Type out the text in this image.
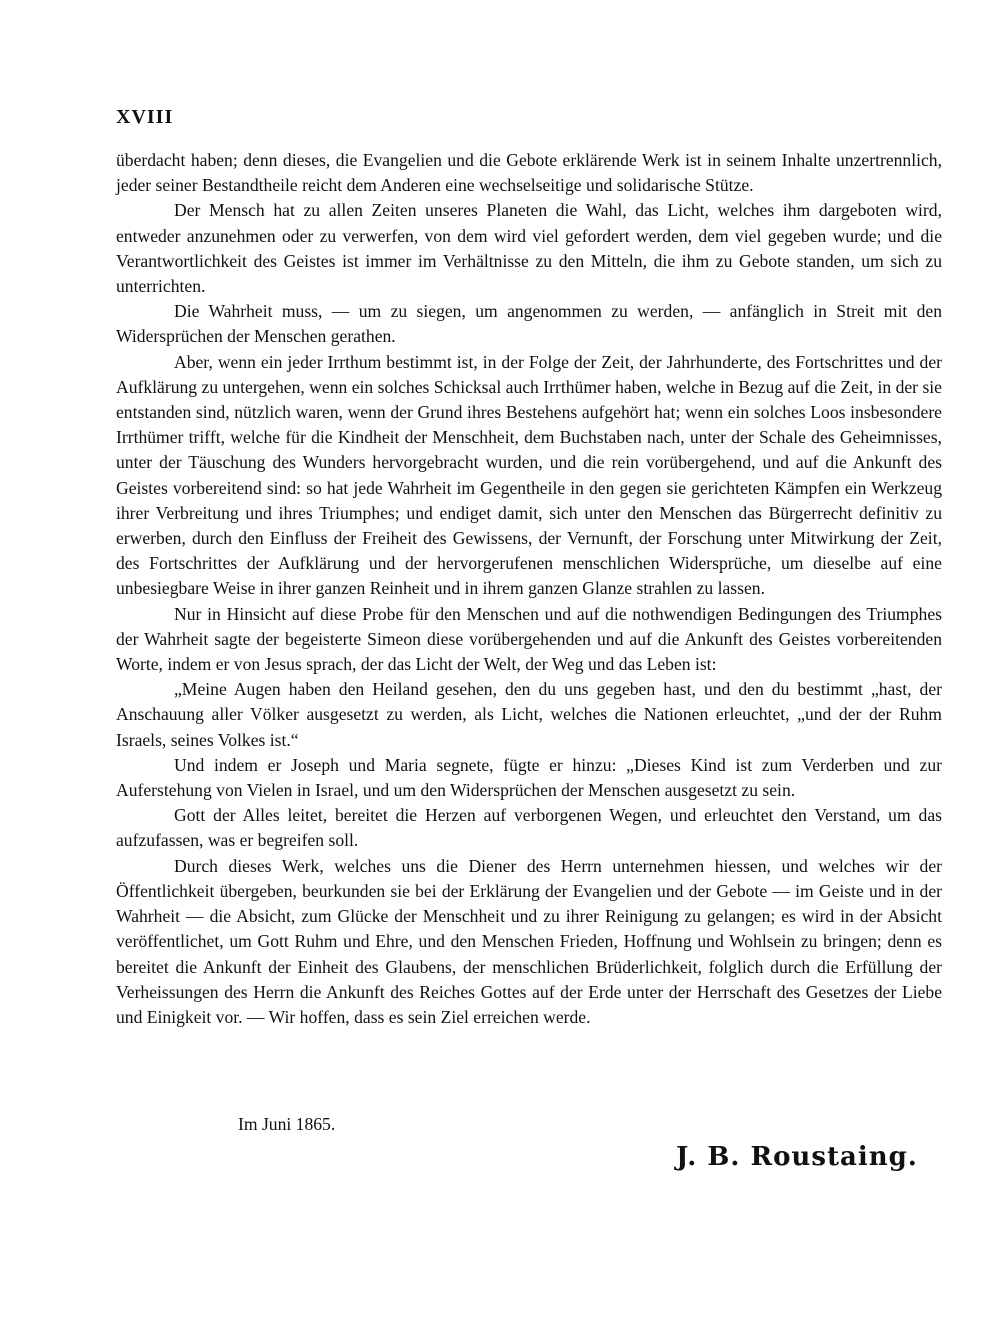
XVIII

überdacht haben; denn dieses, die Evangelien und die Gebote erklärende Werk ist in seinem Inhalte unzertrennlich, jeder seiner Bestandtheile reicht dem Anderen eine wechselseitige und solidarische Stütze.

Der Mensch hat zu allen Zeiten unseres Planeten die Wahl, das Licht, welches ihm dargeboten wird, entweder anzunehmen oder zu verwerfen, von dem wird viel gefordert werden, dem viel gegeben wurde; und die Verantwortlichkeit des Geistes ist immer im Verhältnisse zu den Mitteln, die ihm zu Gebote standen, um sich zu unterrichten.

Die Wahrheit muss, — um zu siegen, um angenommen zu werden, — anfänglich in Streit mit den Widersprüchen der Menschen gerathen.

Aber, wenn ein jeder Irrthum bestimmt ist, in der Folge der Zeit, der Jahrhunderte, des Fortschrittes und der Aufklärung zu untergehen, wenn ein solches Schicksal auch Irrthümer haben, welche in Bezug auf die Zeit, in der sie entstanden sind, nützlich waren, wenn der Grund ihres Bestehens aufgehört hat; wenn ein solches Loos insbesondere Irrthümer trifft, welche für die Kindheit der Menschheit, dem Buchstaben nach, unter der Schale des Geheimnisses, unter der Täuschung des Wunders hervorgebracht wurden, und die rein vorübergehend, und auf die Ankunft des Geistes vorbereitend sind: so hat jede Wahrheit im Gegentheile in den gegen sie gerichteten Kämpfen ein Werkzeug ihrer Verbreitung und ihres Triumphes; und endiget damit, sich unter den Menschen das Bürgerrecht definitiv zu erwerben, durch den Einfluss der Freiheit des Gewissens, der Vernunft, der Forschung unter Mitwirkung der Zeit, des Fortschrittes der Aufklärung und der hervorgerufenen menschlichen Widersprüche, um dieselbe auf eine unbesiegbare Weise in ihrer ganzen Reinheit und in ihrem ganzen Glanze strahlen zu lassen.

Nur in Hinsicht auf diese Probe für den Menschen und auf die nothwendigen Bedingungen des Triumphes der Wahrheit sagte der begeisterte Simeon diese vorübergehenden und auf die Ankunft des Geistes vorbereitenden Worte, indem er von Jesus sprach, der das Licht der Welt, der Weg und das Leben ist:

„Meine Augen haben den Heiland gesehen, den du uns gegeben hast, und den du bestimmt „hast, der Anschauung aller Völker ausgesetzt zu werden, als Licht, welches die Nationen erleuchtet, „und der der Ruhm Israels, seines Volkes ist.“

Und indem er Joseph und Maria segnete, fügte er hinzu: „Dieses Kind ist zum Verderben und zur Auferstehung von Vielen in Israel, und um den Widersprüchen der Menschen ausgesetzt zu sein.

Gott der Alles leitet, bereitet die Herzen auf verborgenen Wegen, und erleuchtet den Verstand, um das aufzufassen, was er begreifen soll.

Durch dieses Werk, welches uns die Diener des Herrn unternehmen hiessen, und welches wir der Öffentlichkeit übergeben, beurkunden sie bei der Erklärung der Evangelien und der Gebote — im Geiste und in der Wahrheit — die Absicht, zum Glücke der Menschheit und zu ihrer Reinigung zu gelangen; es wird in der Absicht veröffentlichet, um Gott Ruhm und Ehre, und den Menschen Frieden, Hoffnung und Wohlsein zu bringen; denn es bereitet die Ankunft der Einheit des Glaubens, der menschlichen Brüderlichkeit, folglich durch die Erfüllung der Verheissungen des Herrn die Ankunft des Reiches Gottes auf der Erde unter der Herrschaft des Gesetzes der Liebe und Einigkeit vor. — Wir hoffen, dass es sein Ziel erreichen werde.

Im Juni 1865.
J. B. Roustaing.
